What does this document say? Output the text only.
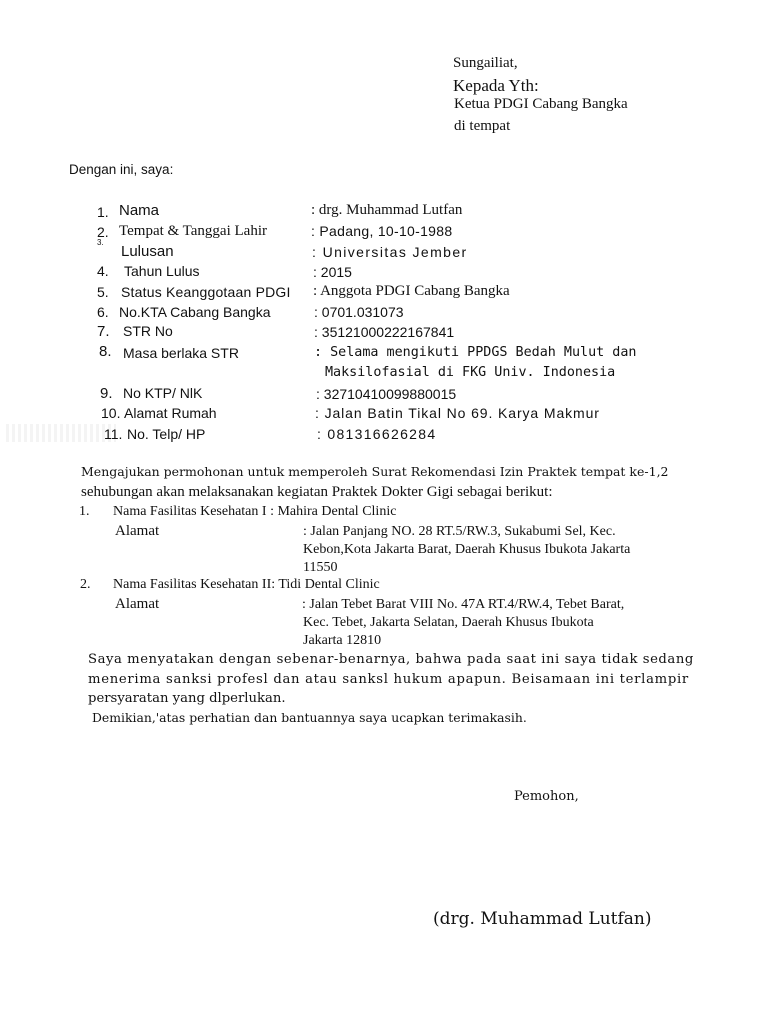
Sungailiat,
Kepada Yth:
Ketua PDGI Cabang Bangka
di tempat
Dengan ini, saya:
1. Nama	: drg. Muhammad Lutfan
2. Tempat & Tanggai Lahir	: Padang, 10-10-1988
3.
Lulusan	: Universitas Jember
4. Tahun Lulus	: 2015
5. Status Keanggotaan PDGI : Anggota PDGI Cabang Bangka
6. No.KTA Cabang Bangka	: 0701.031073
7. STR No	: 35121000222167841
8. Masa berlaka STR	: Selama mengikuti PPDGS Bedah Mulut dan
Maksilofasial di FKG Univ. Indonesia
9. No KTP/ NlK	: 32710410099880015
10. Alamat Rumah	: Jalan Batin Tikal No 69. Karya Makmur
11. No. Telp/ HP	: 081316626284
Mengajukan permohonan untuk memperoleh Surat Rekomendasi Izin Praktek tempat ke-1,2
sehubungan akan melaksanakan kegiatan Praktek Dokter Gigi sebagai berikut:
1. Nama Fasilitas Kesehatan I : Mahira Dental Clinic
Alamat	: Jalan Panjang NO. 28 RT.5/RW.3, Sukabumi Sel, Kec.
Kebon,Kota Jakarta Barat, Daerah Khusus Ibukota Jakarta
11550
2. Nama Fasilitas Kesehatan II: Tidi Dental Clinic
Alamat	: Jalan Tebet Barat VIII No. 47A RT.4/RW.4, Tebet Barat,
Kec. Tebet, Jakarta Selatan, Daerah Khusus Ibukota
Jakarta 12810
Saya menyatakan dengan sebenar-benarnya, bahwa pada saat ini saya tidak sedang
menerima sanksi profesl dan atau sanksl hukum apapun. Beisamaan ini terlampir
persyaratan yang dlperlukan.
Demikian,'atas perhatian dan bantuannya saya ucapkan terimakasih.
Pemohon,
(drg. Muhammad Lutfan)
